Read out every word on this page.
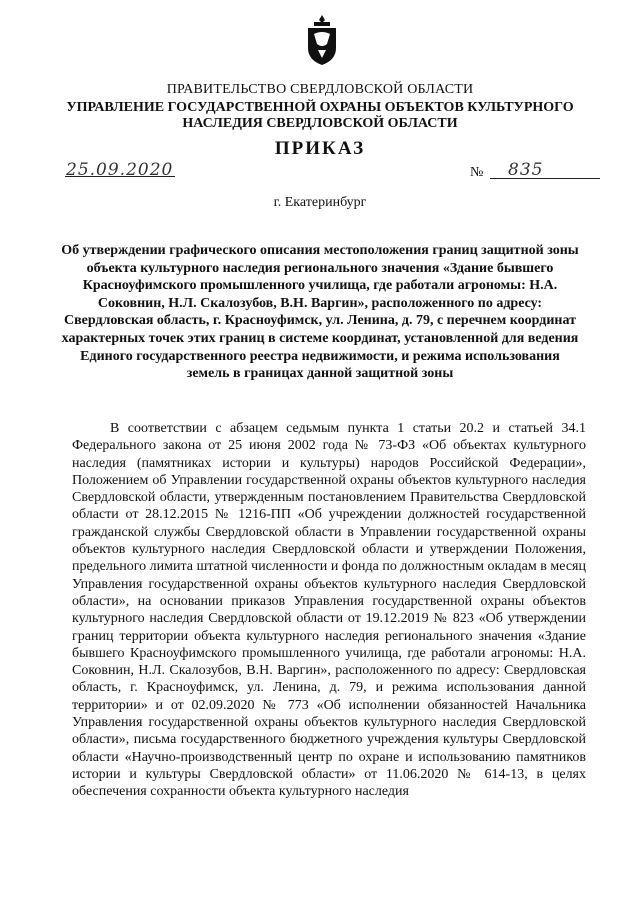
ПРАВИТЕЛЬСТВО СВЕРДЛОВСКОЙ ОБЛАСТИ
УПРАВЛЕНИЕ ГОСУДАРСТВЕННОЙ ОХРАНЫ ОБЪЕКТОВ КУЛЬТУРНОГО НАСЛЕДИЯ СВЕРДЛОВСКОЙ ОБЛАСТИ
ПРИКАЗ
25.09.2020	№ 835
г. Екатеринбург
Об утверждении графического описания местоположения границ защитной зоны объекта культурного наследия регионального значения «Здание бывшего Красноуфимского промышленного училища, где работали агрономы: Н.А. Соковнин, Н.Л. Скалозубов, В.Н. Варгин», расположенного по адресу: Свердловская область, г. Красноуфимск, ул. Ленина, д. 79, с перечнем координат характерных точек этих границ в системе координат, установленной для ведения Единого государственного реестра недвижимости, и режима использования земель в границах данной защитной зоны
В соответствии с абзацем седьмым пункта 1 статьи 20.2 и статьей 34.1 Федерального закона от 25 июня 2002 года № 73-ФЗ «Об объектах культурного наследия (памятниках истории и культуры) народов Российской Федерации», Положением об Управлении государственной охраны объектов культурного наследия Свердловской области, утвержденным постановлением Правительства Свердловской области от 28.12.2015 № 1216-ПП «Об учреждении должностей государственной гражданской службы Свердловской области в Управлении государственной охраны объектов культурного наследия Свердловской области и утверждении Положения, предельного лимита штатной численности и фонда по должностным окладам в месяц Управления государственной охраны объектов культурного наследия Свердловской области», на основании приказов Управления государственной охраны объектов культурного наследия Свердловской области от 19.12.2019 № 823 «Об утверждении границ территории объекта культурного наследия регионального значения «Здание бывшего Красноуфимского промышленного училища, где работали агрономы: Н.А. Соковнин, Н.Л. Скалозубов, В.Н. Варгин», расположенного по адресу: Свердловская область, г. Красноуфимск, ул. Ленина, д. 79, и режима использования данной территории» и от 02.09.2020 № 773 «Об исполнении обязанностей Начальника Управления государственной охраны объектов культурного наследия Свердловской области», письма государственного бюджетного учреждения культуры Свердловской области «Научно-производственный центр по охране и использованию памятников истории и культуры Свердловской области» от 11.06.2020 № 614-13, в целях обеспечения сохранности объекта культурного наследия
